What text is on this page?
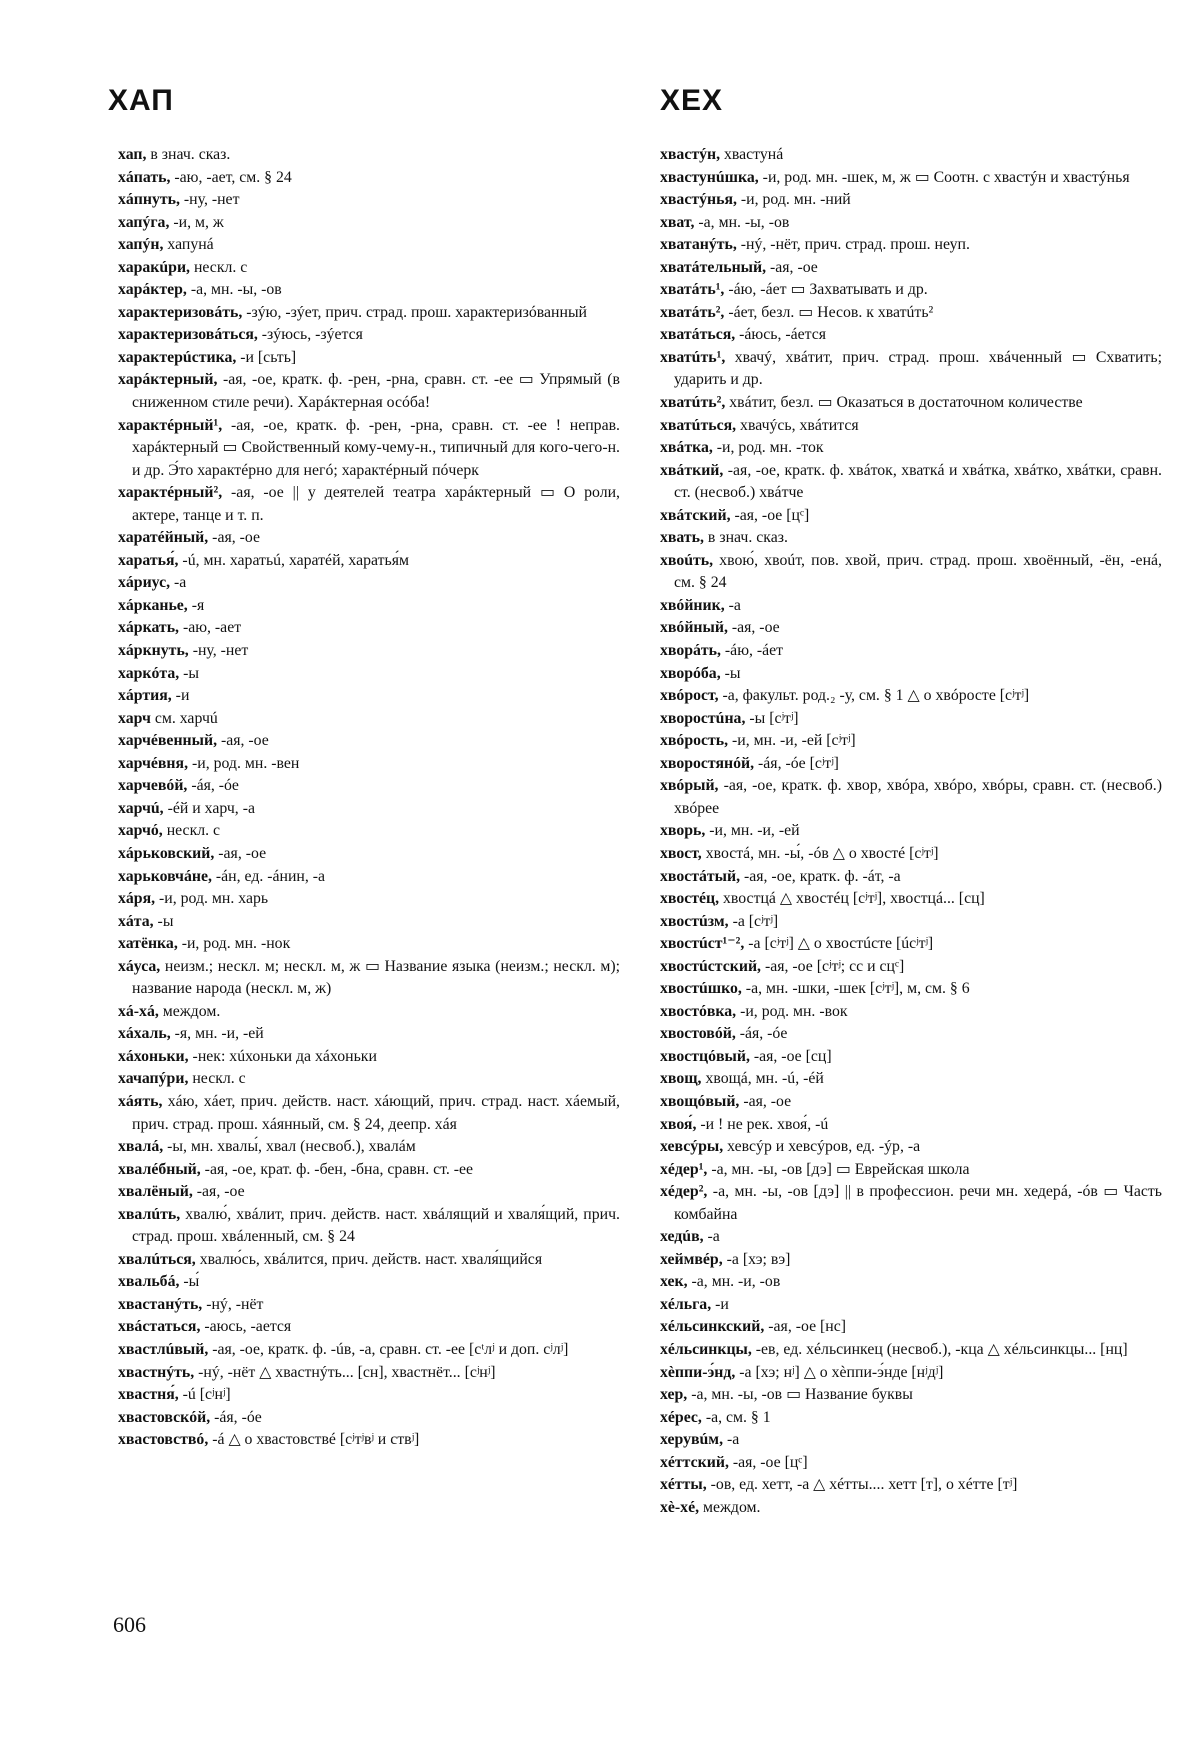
ХАП	ХЕХ
хап, в знач. сказ.
хáпать, -аю, -ает, см. § 24
хáпнуть, -ну, -нет
хапýга, -и, м, ж
хапýн, хапунá
харакúри, нескл. с
харáктер, -а, мн. -ы, -ов
характеризовáть, -зýю, -зýет, прич. страд. прош. характеризóванный
характеризовáться, -зýюсь, -зýется
характерúстика, -и [сьть]
харáктерный, -ая, -ое, кратк. ф. -рен, -рна, сравн. ст. -ее ▭ Упрямый (в сниженном стиле речи). Харáктерная осóба!
характéрный¹, -ая, -ое, кратк. ф. -рен, -рна, сравн. ст. -ее ! неправ. харáктерный ▭ Свойственный кому-чему-н., типичный для кого-чего-н. и др. Э́то характéрно для негó; характéрный пóчерк
характéрный², -ая, -ое || у деятелей театра харáктерный ▭ О роли, актере, танце и т. п.
харатéйный, -ая, -ое
харатья́, -ú, мн. харатьú, харатéй, харатья́м
хáриус, -а
хáрканье, -я
хáркать, -аю, -ает
хáркнуть, -ну, -нет
харкóта, -ы
хáртия, -и
харч см. харчú
харчéвенный, -ая, -ое
харчéвня, -и, род. мн. -вен
харчевóй, -áя, -óе
харчú, -éй и харч, -а
харчó, нескл. с
хáрьковский, -ая, -ое
харьковчáне, -áн, ед. -áнин, -а
хáря, -и, род. мн. харь
хáта, -ы
хатёнка, -и, род. мн. -нок
хáуса, неизм.; нескл. м; нескл. м, ж ▭ Название языка (неизм.; нескл. м); название народа (нескл. м, ж)
хá-хá, междом.
хáхаль, -я, мн. -и, -ей
хáхоньки, -нек: хúхоньки да хáхоньки
хачапýри, нескл. с
хáять, хáю, хáет, прич. действ. наст. хáющий, прич. страд. наст. хáемый, прич. страд. прош. хáянный, см. § 24, деепр. хáя
хвалá, -ы, мн. хвалы́, хвал (несвоб.), хвалáм
хвалéбный, -ая, -ое, крат. ф. -бен, -бна, сравн. ст. -ее
хвалёный, -ая, -ое
хвалúть, хвалю́, хвáлит, прич. действ. наст. хвáлящий и хваля́щий, прич. страд. прош. хвáленный, см. § 24
хвалúться, хвалю́сь, хвáлится, прич. действ. наст. хваля́щийся
хвальбá, -ы́
хвастанýть, -нý, -нёт
хвáстаться, -аюсь, -ается
хвастлúвый, -ая, -ое, кратк. ф. -úв, -а, сравн. ст. -ее [сᵗлʲ и доп. сʲлʲ]
хвастнýть, -нý, -нёт △ хвастнýть... [сн], хвастнёт... [сʲнʲ]
хвастня́, -ú [сʲнʲ]
хвастовскóй, -áя, -óе
хвастовствó, -á △ о хвастовствé [сʲтʲвʲ и ствʲ]
хвастýн, хвастунá
хвастунúшка, -и, род. мн. -шек, м, ж ▭ Соотн. с хвастýн и хвастýнья
хвастýнья, -и, род. мн. -ний
хват, -а, мн. -ы, -ов
хватанýть, -нý, -нёт, прич. страд. прош. неуп.
хватáтельный, -ая, -ое
хватáть¹, -áю, -áет ▭ Захватывать и др.
хватáть², -áет, безл. ▭ Несов. к хватúть²
хватáться, -áюсь, -áется
хватúть¹, хвачý, хвáтит, прич. страд. прош. хвáченный ▭ Схватить; ударить и др.
хватúть², хвáтит, безл. ▭ Оказаться в достаточном количестве
хватúться, хвачýсь, хвáтится
хвáтка, -и, род. мн. -ток
хвáткий, -ая, -ое, кратк. ф. хвáток, хваткá и хвáтка, хвáтко, хвáтки, сравн. ст. (несвоб.) хвáтче
хвáтский, -ая, -ое [цᶜ]
хвать, в знач. сказ.
хвоúть, хвою́, хвоúт, пов. хвой, прич. страд. прош. хвоённый, -ён, -енá, см. § 24
хвóйник, -а
хвóйный, -ая, -ое
хворáть, -áю, -áет
хворóба, -ы
хвóрост, -а, факульт. род.₂ -у, см. § 1 △ о хвóросте [сʲтʲ]
хворостúна, -ы [сʲтʲ]
хвóрость, -и, мн. -и, -ей [сʲтʲ]
хворостянóй, -áя, -óе [сʲтʲ]
хвóрый, -ая, -ое, кратк. ф. хвор, хвóра, хвóро, хвóры, сравн. ст. (несвоб.) хвóрее
хворь, -и, мн. -и, -ей
хвост, хвостá, мн. -ы́, -óв △ о хвостé [сʲтʲ]
хвостáтый, -ая, -ое, кратк. ф. -áт, -а
хвостéц, хвостцá △ хвостéц [сʲтʲ], хвостцá... [сц]
хвостúзм, -а [сʲтʲ]
хвостúст¹⁻², -а [сʲтʲ] △ о хвостúсте [úсʲтʲ]
хвостúстский, -ая, -ое [сʲтʲ; сс и сцᶜ]
хвостúшко, -а, мн. -шки, -шек [сʲтʲ], м, см. § 6
хвостóвка, -и, род. мн. -вок
хвостовóй, -áя, -óе
хвостцóвый, -ая, -ое [сц]
хвощ, хвощá, мн. -ú, -éй
хвощóвый, -ая, -ое
хвоя́, -и ! не рек. хвоя́, -ú
хевсýры, хевсýр и хевсýров, ед. -ýр, -а
хéдер¹, -а, мн. -ы, -ов [дэ] ▭ Еврейская школа
хéдер², -а, мн. -ы, -ов [дэ] || в профессион. речи мн. хедерá, -óв ▭ Часть комбайна
хедúв, -а
хеймвéр, -а [хэ; вэ]
хек, -а, мн. -и, -ов
хéльга, -и
хéльсинкский, -ая, -ое [нс]
хéльсинкцы, -ев, ед. хéльсинкец (несвоб.), -кца △ хéльсинкцы... [нц]
хèппи-э́нд, -а [хэ; нʲ] △ о хèппи-э́нде [нʲдʲ]
хер, -а, мн. -ы, -ов ▭ Название буквы
хéрес, -а, см. § 1
херувúм, -а
хéттский, -ая, -ое [цᶜ]
хéтты, -ов, ед. хетт, -а △ хéтты.... хетт [т], о хéтте [тʲ]
хè-хé, междом.
606
